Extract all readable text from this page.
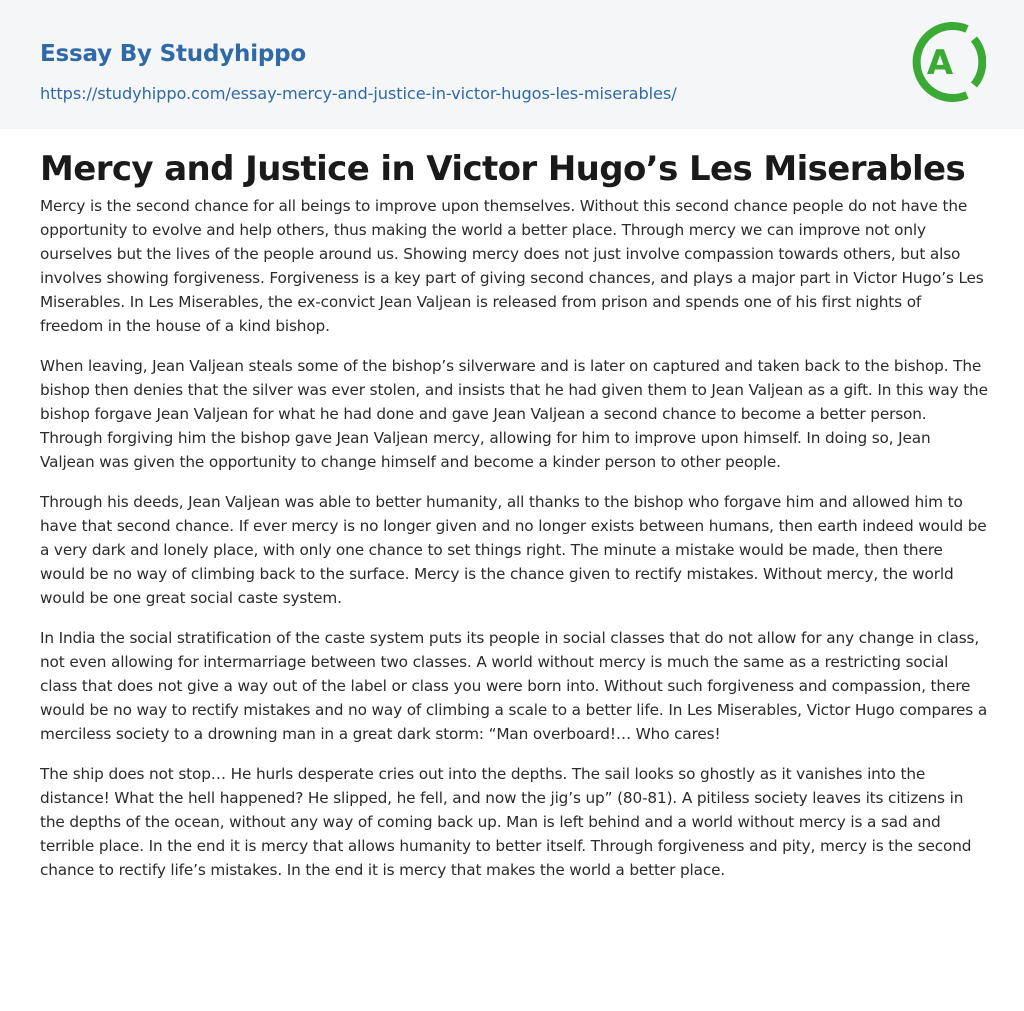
Essay By Studyhippo
https://studyhippo.com/essay-mercy-and-justice-in-victor-hugos-les-miserables/
A
Mercy and Justice in Victor Hugo’s Les Miserables

Mercy is the second chance for all beings to improve upon themselves. Without this second chance people do not have the opportunity to evolve and help others, thus making the world a better place. Through mercy we can improve not only ourselves but the lives of the people around us. Showing mercy does not just involve compassion towards others, but also involves showing forgiveness. Forgiveness is a key part of giving second chances, and plays a major part in Victor Hugo’s Les Miserables. In Les Miserables, the ex-convict Jean Valjean is released from prison and spends one of his first nights of freedom in the house of a kind bishop.

When leaving, Jean Valjean steals some of the bishop’s silverware and is later on captured and taken back to the bishop. The bishop then denies that the silver was ever stolen, and insists that he had given them to Jean Valjean as a gift. In this way the bishop forgave Jean Valjean for what he had done and gave Jean Valjean a second chance to become a better person. Through forgiving him the bishop gave Jean Valjean mercy, allowing for him to improve upon himself. In doing so, Jean Valjean was given the opportunity to change himself and become a kinder person to other people.

Through his deeds, Jean Valjean was able to better humanity, all thanks to the bishop who forgave him and allowed him to have that second chance. If ever mercy is no longer given and no longer exists between humans, then earth indeed would be a very dark and lonely place, with only one chance to set things right. The minute a mistake would be made, then there would be no way of climbing back to the surface. Mercy is the chance given to rectify mistakes. Without mercy, the world would be one great social caste system.

In India the social stratification of the caste system puts its people in social classes that do not allow for any change in class, not even allowing for intermarriage between two classes. A world without mercy is much the same as a restricting social class that does not give a way out of the label or class you were born into. Without such forgiveness and compassion, there would be no way to rectify mistakes and no way of climbing a scale to a better life. In Les Miserables, Victor Hugo compares a merciless society to a drowning man in a great dark storm: “Man overboard!… Who cares!

The ship does not stop… He hurls desperate cries out into the depths. The sail looks so ghostly as it vanishes into the distance! What the hell happened? He slipped, he fell, and now the jig’s up” (80-81). A pitiless society leaves its citizens in the depths of the ocean, without any way of coming back up. Man is left behind and a world without mercy is a sad and terrible place. In the end it is mercy that allows humanity to better itself. Through forgiveness and pity, mercy is the second chance to rectify life’s mistakes. In the end it is mercy that makes the world a better place.
